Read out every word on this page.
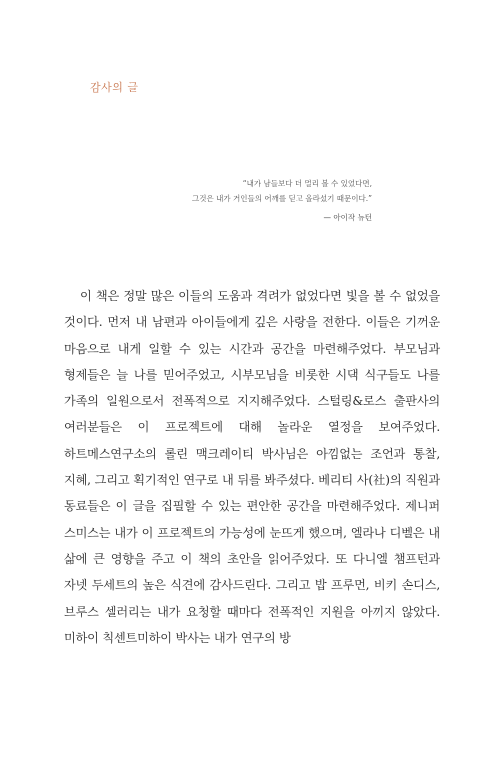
감사의 글
“내가 남들보다 더 멀리 볼 수 있었다면,
그것은 내가 거인들의 어깨를 딛고 올라섰기 때문이다.”
— 아이작 뉴턴

이 책은 정말 많은 이들의 도움과 격려가 없었다면 빛을 볼 수 없었을 것이다. 먼저 내 남편과 아이들에게 깊은 사랑을 전한다. 이들은 기꺼운 마음으로 내게 일할 수 있는 시간과 공간을 마련해주었다. 부모님과 형제들은 늘 나를 믿어주었고, 시부모님을 비롯한 시댁 식구들도 나를 가족의 일원으로서 전폭적으로 지지해주었다. 스털링&로스 출판사의 여러분들은 이 프로젝트에 대해 놀라운 열정을 보여주었다. 하트메스연구소의 롤린 맥크레이티 박사님은 아낌없는 조언과 통찰, 지혜, 그리고 획기적인 연구로 내 뒤를 봐주셨다. 베리티 사(社)의 직원과 동료들은 이 글을 집필할 수 있는 편안한 공간을 마련해주었다. 제니퍼 스미스는 내가 이 프로젝트의 가능성에 눈뜨게 했으며, 엘라나 디벨은 내 삶에 큰 영향을 주고 이 책의 초안을 읽어주었다. 또 다니엘 챔프턴과 자넷 두세트의 높은 식견에 감사드린다. 그리고 밥 프루먼, 비키 손디스, 브루스 셀러리는 내가 요청할 때마다 전폭적인 지원을 아끼지 않았다. 미하이 칙센트미하이 박사는 내가 연구의 방
